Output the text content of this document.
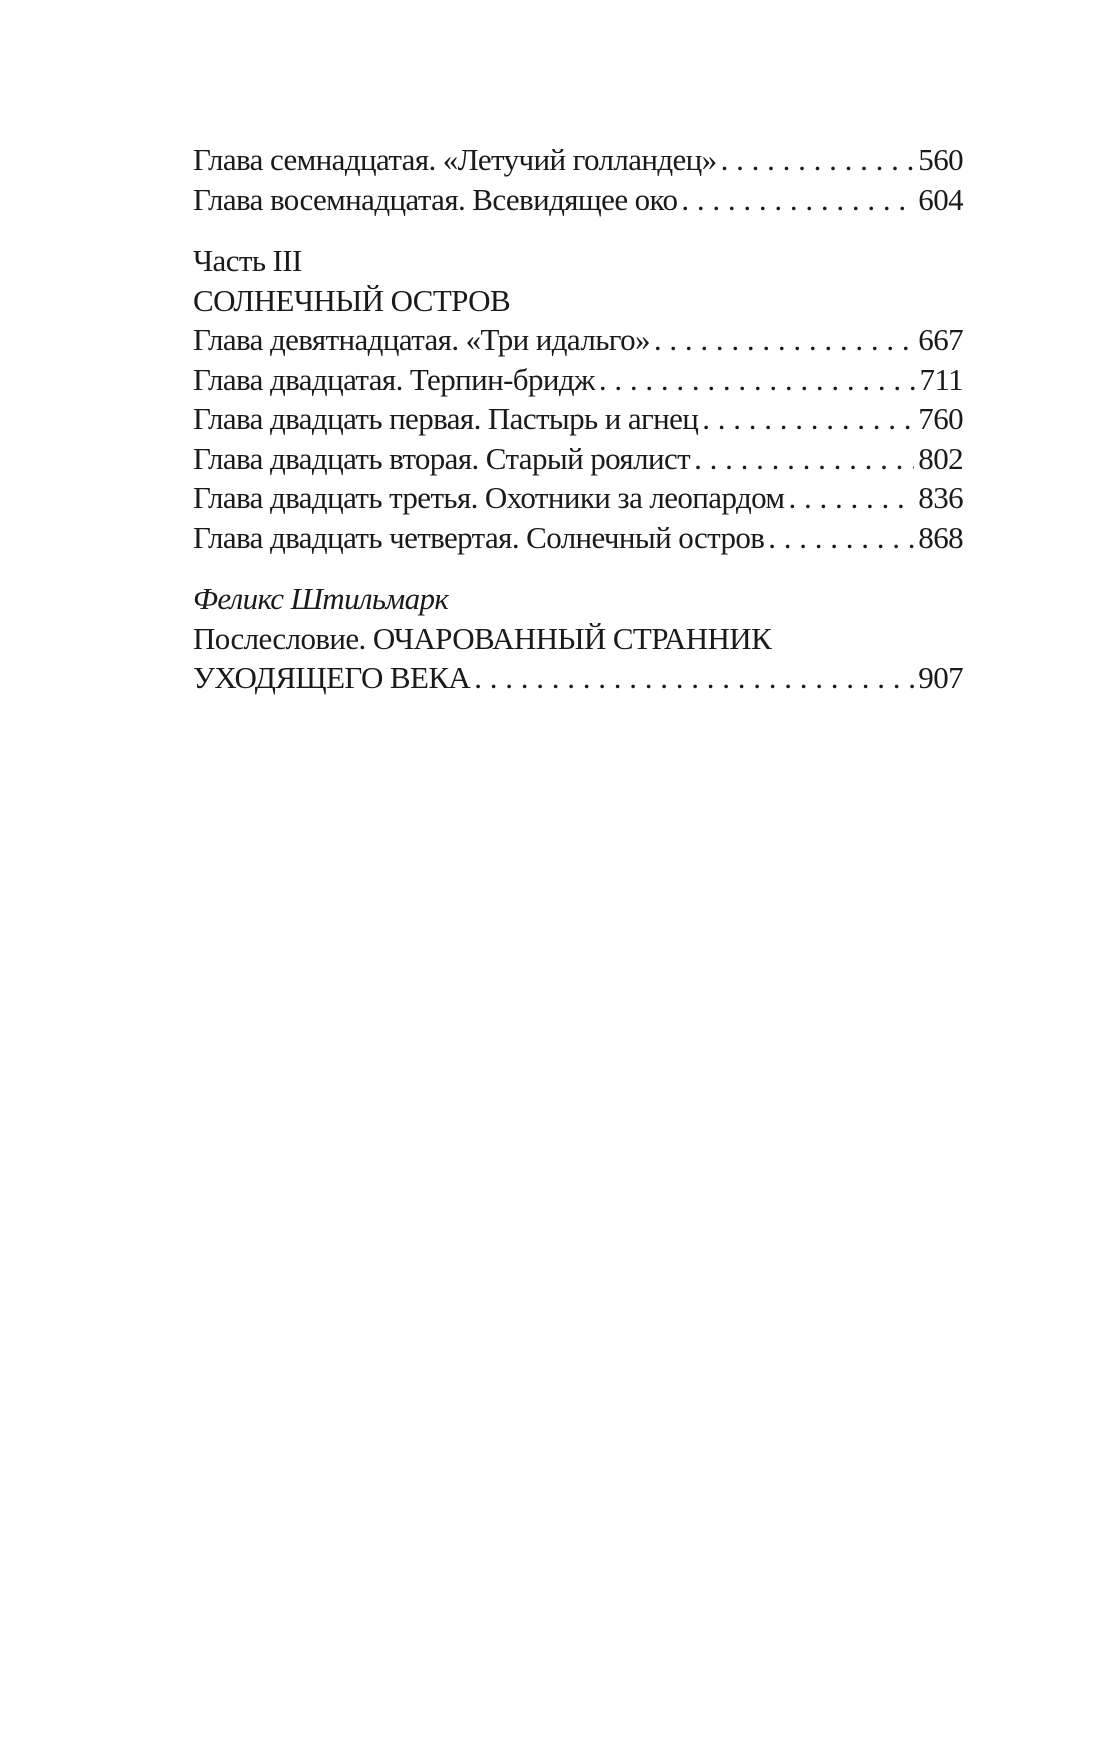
Глава семнадцатая. «Летучий голландец» . . .	560
Глава восемнадцатая. Всевидящее око . . .	604
Часть III
СОЛНЕЧНЫЙ ОСТРОВ
Глава девятнадцатая. «Три идальго» . . .	667
Глава двадцатая. Терпин-бридж . . .	711
Глава двадцать первая. Пастырь и агнец . . .	760
Глава двадцать вторая. Старый роялист . . .	802
Глава двадцать третья. Охотники за леопардом . . .	836
Глава двадцать четвертая. Солнечный остров . . .	868
Феликс Штильмарк
Послесловие. ОЧАРОВАННЫЙ СТРАННИК
УХОДЯЩЕГО ВЕКА . . .	907
